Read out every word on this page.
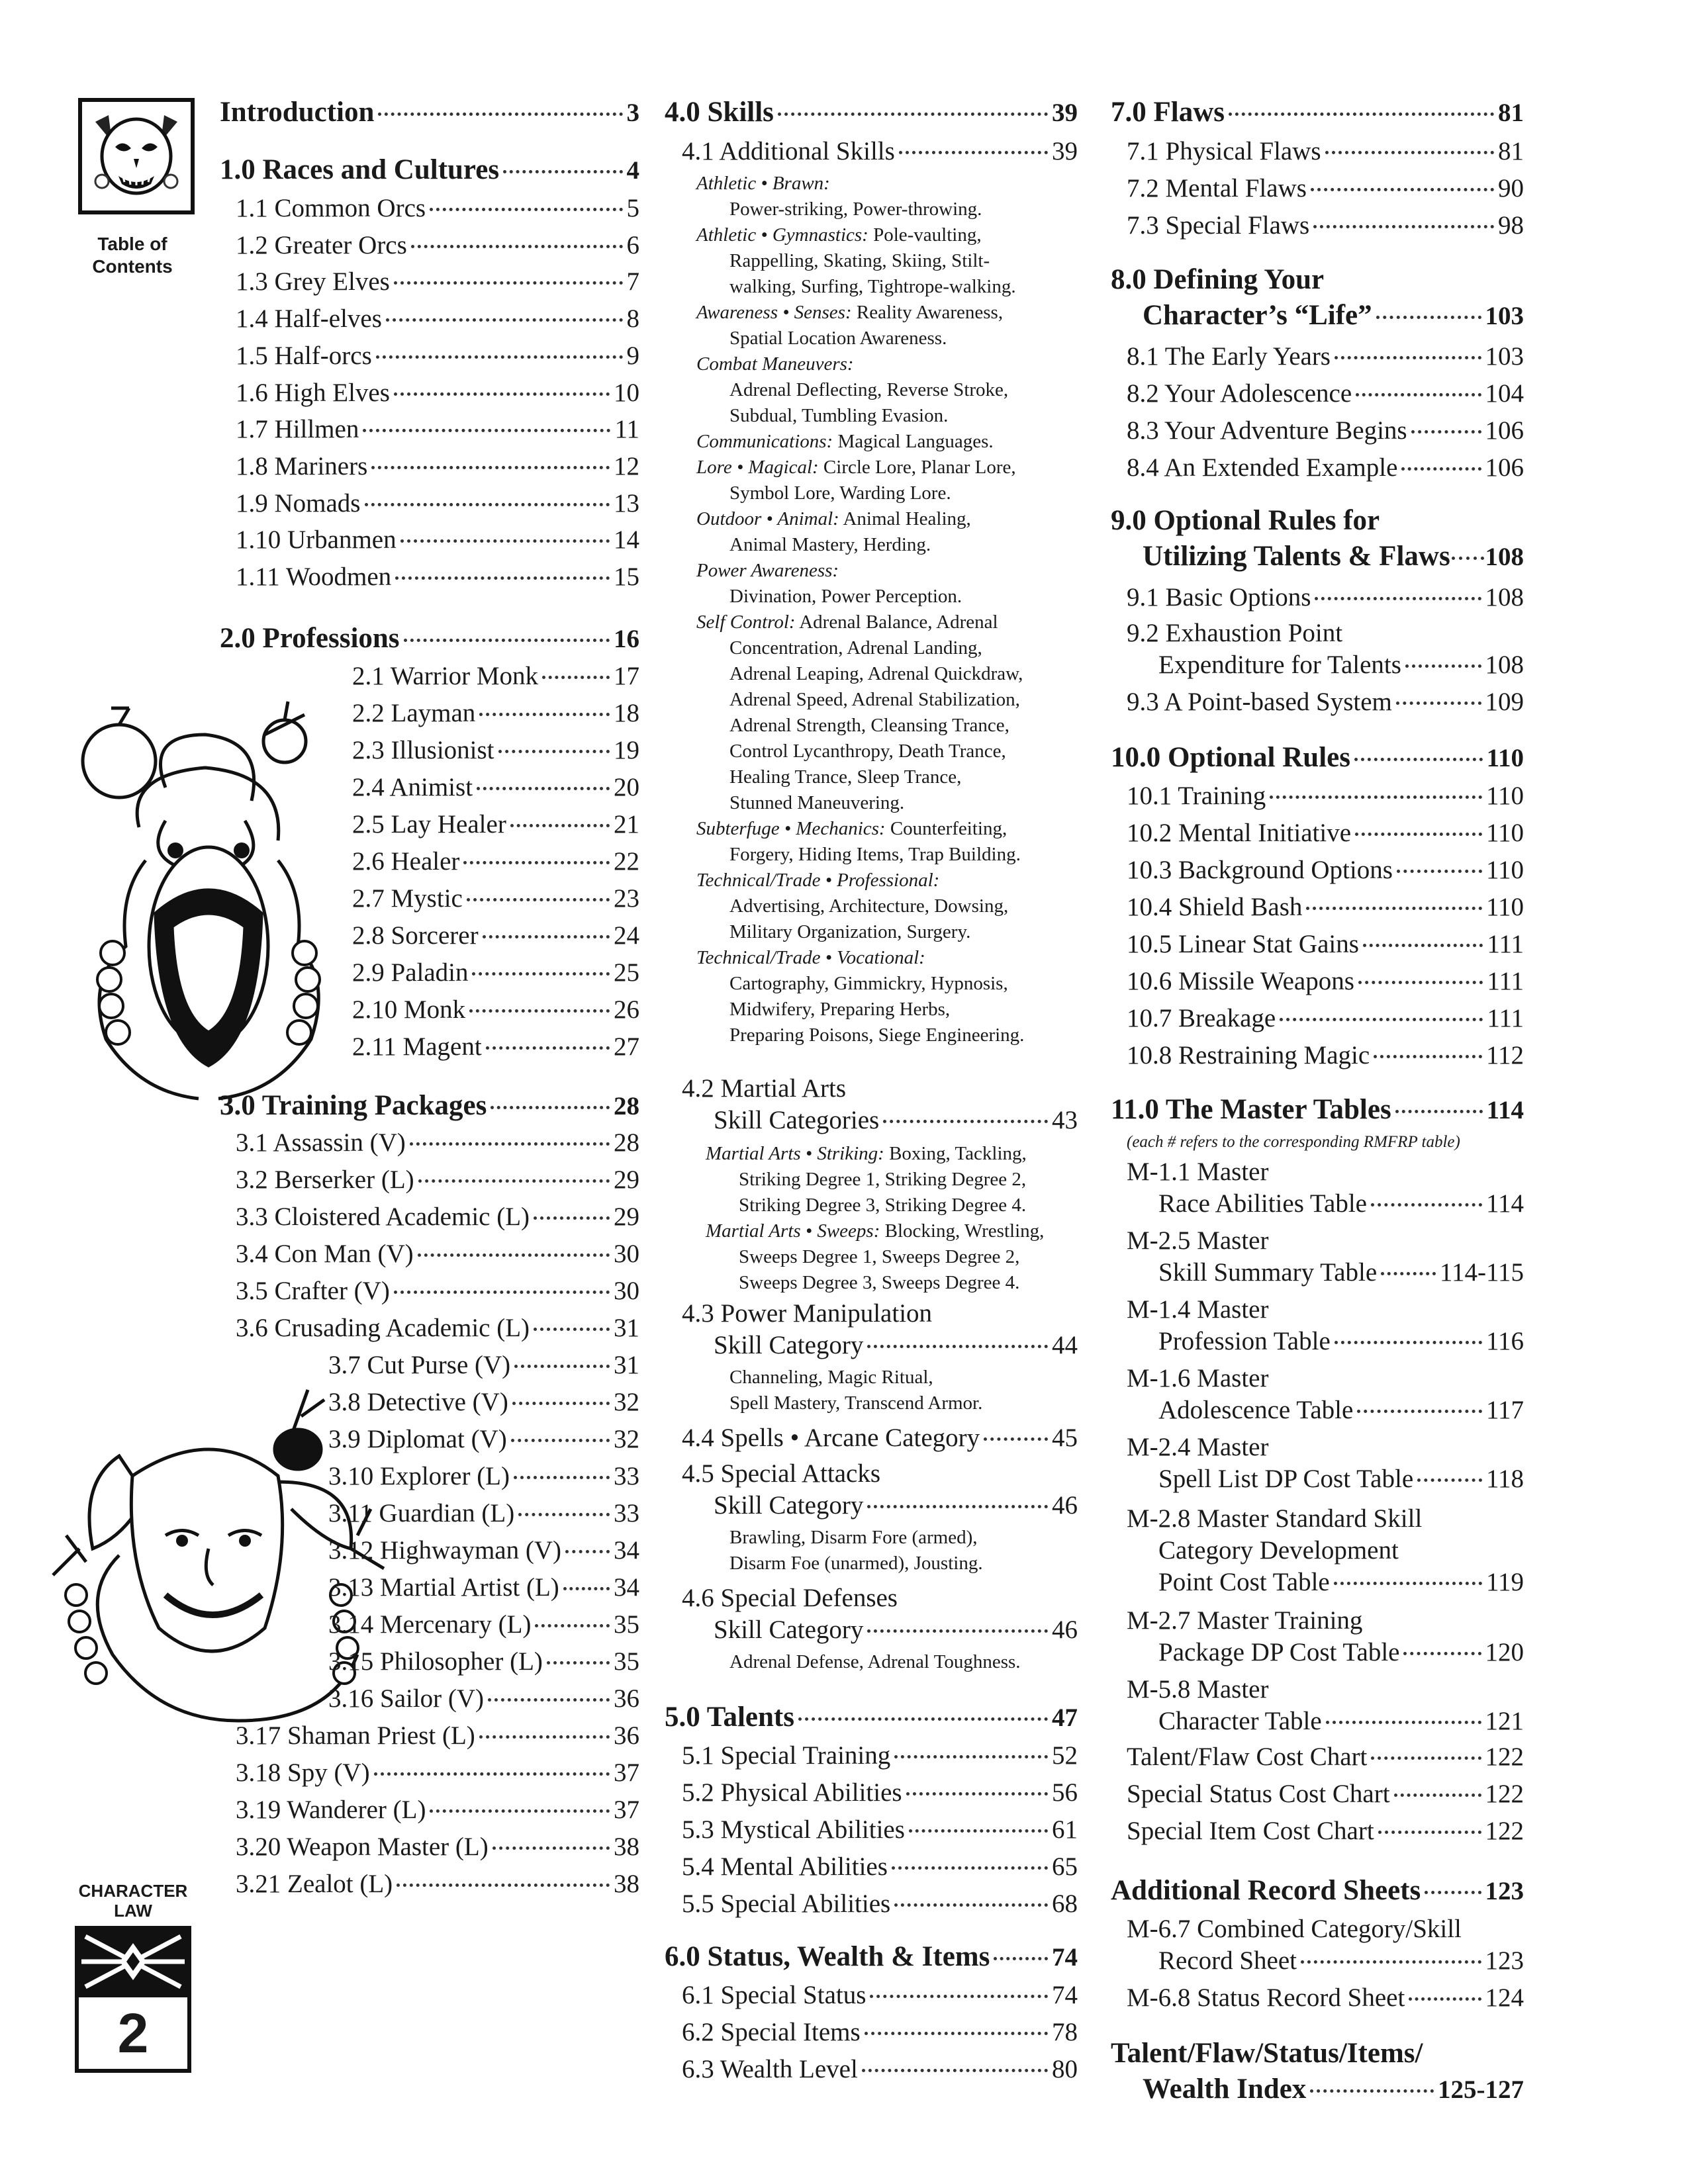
Table of
Contents
CHARACTER
LAW
2
Introduction	3
1.0 Races and Cultures	4
1.1 Common Orcs	5
1.2 Greater Orcs	6
1.3 Grey Elves	7
1.4 Half-elves	8
1.5 Half-orcs	9
1.6 High Elves	10
1.7 Hillmen	11
1.8 Mariners	12
1.9 Nomads	13
1.10 Urbanmen	14
1.11 Woodmen	15
2.0 Professions	16
2.1 Warrior Monk	17
2.2 Layman	18
2.3 Illusionist	19
2.4 Animist	20
2.5 Lay Healer	21
2.6 Healer	22
2.7 Mystic	23
2.8 Sorcerer	24
2.9 Paladin	25
2.10 Monk	26
2.11 Magent	27
3.0 Training Packages	28
3.1 Assassin (V)	28
3.2 Berserker (L)	29
3.3 Cloistered Academic (L)	29
3.4 Con Man (V)	30
3.5 Crafter (V)	30
3.6 Crusading Academic (L)	31
3.7 Cut Purse (V)	31
3.8 Detective (V)	32
3.9 Diplomat (V)	32
3.10 Explorer (L)	33
3.11 Guardian (L)	33
3.12 Highwayman (V) 34
3.13 Martial Artist (L) 34
3.14 Mercenary (L)	35
3.15 Philosopher (L)	35
3.16 Sailor (V)	36
3.17 Shaman Priest (L)	36
3.18 Spy (V)	37
3.19 Wanderer (L)	37
3.20 Weapon Master (L)	38
3.21 Zealot (L)	38
4.0 Skills	39
4.1 Additional Skills	39
Athletic • Brawn:
Power-striking, Power-throwing.
Athletic • Gymnastics: Pole-vaulting,
Rappelling, Skating, Skiing, Stilt-
walking, Surfing, Tightrope-walking.
Awareness • Senses: Reality Awareness,
Spatial Location Awareness.
Combat Maneuvers:
Adrenal Deflecting, Reverse Stroke,
Subdual, Tumbling Evasion.
Communications: Magical Languages.
Lore • Magical: Circle Lore, Planar Lore,
Symbol Lore, Warding Lore.
Outdoor • Animal: Animal Healing,
Animal Mastery, Herding.
Power Awareness:
Divination, Power Perception.
Self Control: Adrenal Balance, Adrenal
Concentration, Adrenal Landing,
Adrenal Leaping, Adrenal Quickdraw,
Adrenal Speed, Adrenal Stabilization,
Adrenal Strength, Cleansing Trance,
Control Lycanthropy, Death Trance,
Healing Trance, Sleep Trance,
Stunned Maneuvering.
Subterfuge • Mechanics: Counterfeiting,
Forgery, Hiding Items, Trap Building.
Technical/Trade • Professional:
Advertising, Architecture, Dowsing,
Military Organization, Surgery.
Technical/Trade • Vocational:
Cartography, Gimmickry, Hypnosis,
Midwifery, Preparing Herbs,
Preparing Poisons, Siege Engineering.
4.2 Martial Arts
Skill Categories	43
Martial Arts • Striking: Boxing, Tackling,
Striking Degree 1, Striking Degree 2,
Striking Degree 3, Striking Degree 4.
Martial Arts • Sweeps: Blocking, Wrestling,
Sweeps Degree 1, Sweeps Degree 2,
Sweeps Degree 3, Sweeps Degree 4.
4.3 Power Manipulation
Skill Category	44
Channeling, Magic Ritual,
Spell Mastery, Transcend Armor.
4.4 Spells • Arcane Category	45
4.5 Special Attacks
Skill Category	46
Brawling, Disarm Fore (armed),
Disarm Foe (unarmed), Jousting.
4.6 Special Defenses
Skill Category	46
Adrenal Defense, Adrenal Toughness.
5.0 Talents	47
5.1 Special Training	52
5.2 Physical Abilities	56
5.3 Mystical Abilities	61
5.4 Mental Abilities	65
5.5 Special Abilities	68
6.0 Status, Wealth & Items 74
6.1 Special Status	74
6.2 Special Items	78
6.3 Wealth Level	80
7.0 Flaws	81
7.1 Physical Flaws	81
7.2 Mental Flaws	90
7.3 Special Flaws	98
8.0 Defining Your
Character’s “Life”	103
8.1 The Early Years	103
8.2 Your Adolescence	104
8.3 Your Adventure Begins	106
8.4 An Extended Example	106
9.0 Optional Rules for
Utilizing Talents & Flaws 108
9.1 Basic Options	108
9.2 Exhaustion Point
Expenditure for Talents	108
9.3 A Point-based System	109
10.0 Optional Rules	110
10.1 Training	110
10.2 Mental Initiative	110
10.3 Background Options	110
10.4 Shield Bash	110
10.5 Linear Stat Gains	111
10.6 Missile Weapons	111
10.7 Breakage	111
10.8 Restraining Magic	112
11.0 The Master Tables	114
(each # refers to the corresponding RMFRP table)
M-1.1 Master
Race Abilities Table	114
M-2.5 Master
Skill Summary Table 114-115
M-1.4 Master
Profession Table	116
M-1.6 Master
Adolescence Table	117
M-2.4 Master
Spell List DP Cost Table	118
M-2.8 Master Standard Skill
Category Development
Point Cost Table	119
M-2.7 Master Training
Package DP Cost Table	120
M-5.8 Master
Character Table	121
Talent/Flaw Cost Chart	122
Special Status Cost Chart	122
Special Item Cost Chart	122
Additional Record Sheets 123
M-6.7 Combined Category/Skill
Record Sheet	123
M-6.8 Status Record Sheet	124
Talent/Flaw/Status/Items/
Wealth Index	125-127
